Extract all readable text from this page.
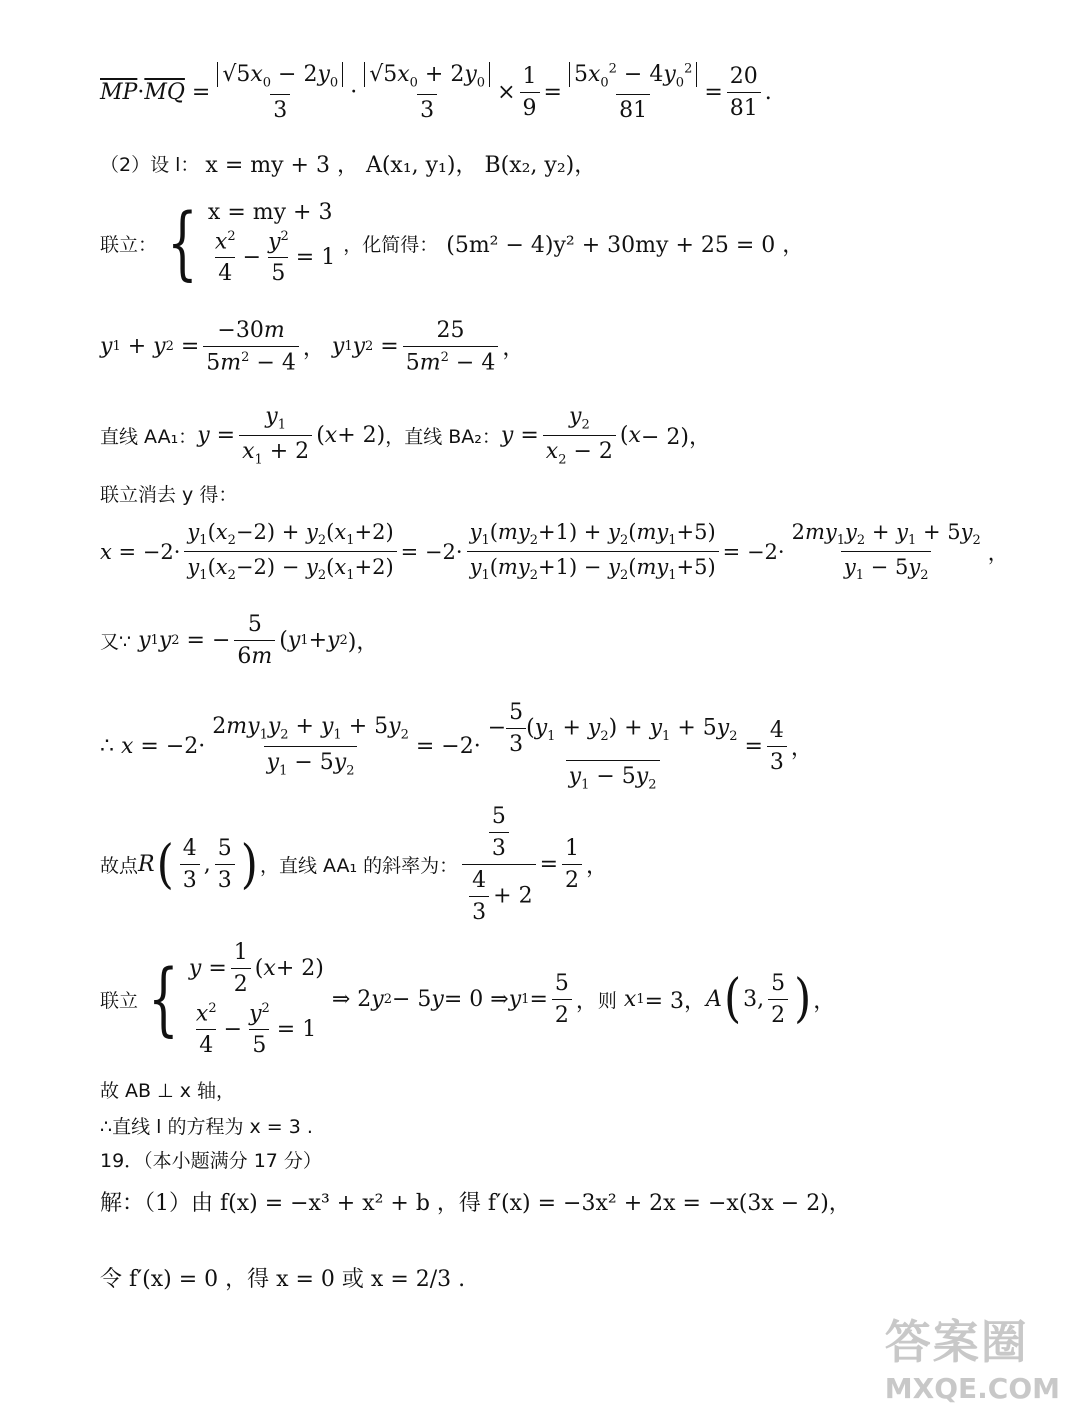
$\overline{MP} \cdot \overline{MQ} = \frac{√5x_0 - 2y_0}{3} \cdot \frac{√5x_0 + 2y_0}{3} \times \frac{1}{9} = \frac{5x_0^2 - 4y_0^2}{81} = \frac{20}{81}$ .
（2）设 l： x = my + 3 ， A(x₁, y₁)， B(x₂, y₂)，
联立： { x = my + 3
$\frac{x^2}{4} - \frac{y^2}{5} = 1$
，化简得： (5m² − 4)y² + 30my + 25 = 0 ，
y 1 + y $2 = \frac{-30m}{5m^2 - 4}$ ， y 1 y $2 = \frac{25}{5m^2 - 4}$ ，
直线 AA₁： $y = \frac{y_1}{x_1 + 2}$ ( x + 2) ，直线 BA₂： $y = \frac{y_2}{x_2 - 2}$ ( x − 2)，
联立消去 y 得：
$x = -2\cdot \frac{y_1(x_2-2) + y_2(x_1+2)}{y_1(x_2-2) - y_2(x_1+2)} = -2\cdot \frac{y_1(my_2+1) + y_2(my_1+5)}{y_1(my_2+1) - y_2(my_1+5)} = -2\cdot \frac{2my_1y_2 + y_1 + 5y_2}{y_1 - 5y_2}$ ，
又∵
y 1 y 2 = − $\frac{5}{6m}$ ( y 1 + y 2 )，
∴ $x = -2\cdot \frac{2my_1y_2 + y_1 + 5y_2}{y_1 - 5y_2} = -2\cdot \frac{- \frac{5}{3} (y_1 + y_2) + y_1 + 5y_2}{y_1 - 5y_2} = \frac{4}{3}$ ，
故点 R ( $\frac{4}{3}$ , $\frac{5}{3}$ ) ，直线 AA₁ 的斜率为： $\frac{\frac{5}{3}}{\frac{4}{3} + 2} = \frac{1}{2}$ ，
联立 { $y = \frac{1}{2}$ ( x + 2)
$\frac{x^2}{4} - \frac{y^2}{5} = 1$
⇒ 2 y 2 − 5 y = 0 ⇒ y $1 = \frac{5}{2}$ ， 则
x 1 = 3， A ( 3, $\frac{5}{2}$ ) ，
故 AB ⊥ x 轴，
∴直线 l 的方程为 x = 3 .
19．（本小题满分 17 分）
解：（1）由 f(x) = −x³ + x² + b ，得 f′(x) = −3x² + 2x = −x(3x − 2)，
令 f′(x) = 0 ，得 x = 0 或 x = 2/3 .
答案圈
MXQE.COM
